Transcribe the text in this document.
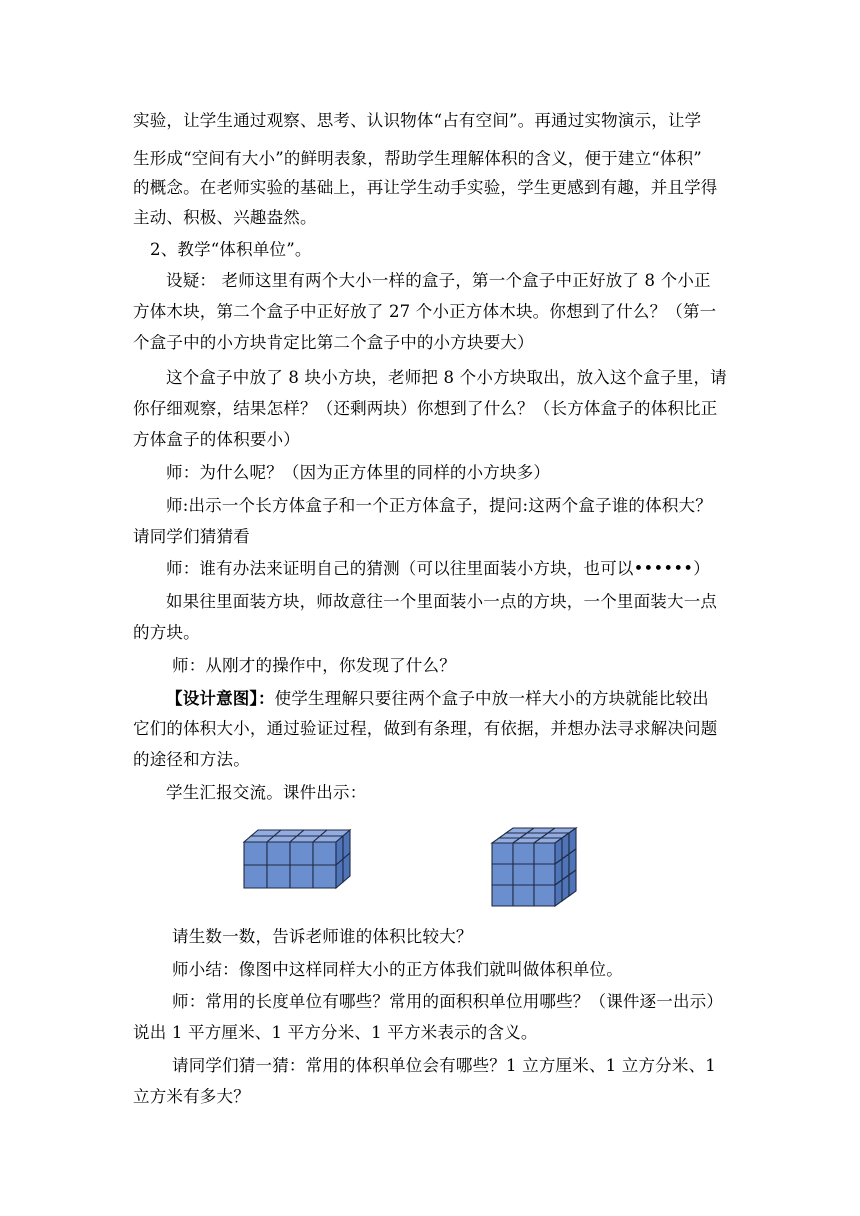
实验，让学生通过观察、思考、认识物体“占有空间”。再通过实物演示，让学
生形成“空间有大小”的鲜明表象，帮助学生理解体积的含义，便于建立“体积”
的概念。在老师实验的基础上，再让学生动手实验，学生更感到有趣，并且学得
主动、积极、兴趣盎然。
2、教学“体积单位”。
设疑： 老师这里有两个大小一样的盒子，第一个盒子中正好放了 8 个小正
方体木块，第二个盒子中正好放了 27 个小正方体木块。你想到了什么？（第一
个盒子中的小方块肯定比第二个盒子中的小方块要大）
这个盒子中放了 8 块小方块，老师把 8 个小方块取出，放入这个盒子里，请
你仔细观察，结果怎样？（还剩两块）你想到了什么？（长方体盒子的体积比正
方体盒子的体积要小）
师：为什么呢？（因为正方体里的同样的小方块多）
师:出示一个长方体盒子和一个正方体盒子，提问:这两个盒子谁的体积大？
请同学们猜猜看
师：谁有办法来证明自己的猜测（可以往里面装小方块，也可以••••••）
如果往里面装方块，师故意往一个里面装小一点的方块，一个里面装大一点
的方块。
师：从刚才的操作中，你发现了什么？
【设计意图】：使学生理解只要往两个盒子中放一样大小的方块就能比较出
它们的体积大小，通过验证过程，做到有条理，有依据，并想办法寻求解决问题
的途径和方法。
学生汇报交流。课件出示：
请生数一数，告诉老师谁的体积比较大？
师小结：像图中这样同样大小的正方体我们就叫做体积单位。
师：常用的长度单位有哪些？常用的面积积单位用哪些？（课件逐一出示）
说出 1 平方厘米、1 平方分米、1 平方米表示的含义。
请同学们猜一猜：常用的体积单位会有哪些？1 立方厘米、1 立方分米、1
立方米有多大？
